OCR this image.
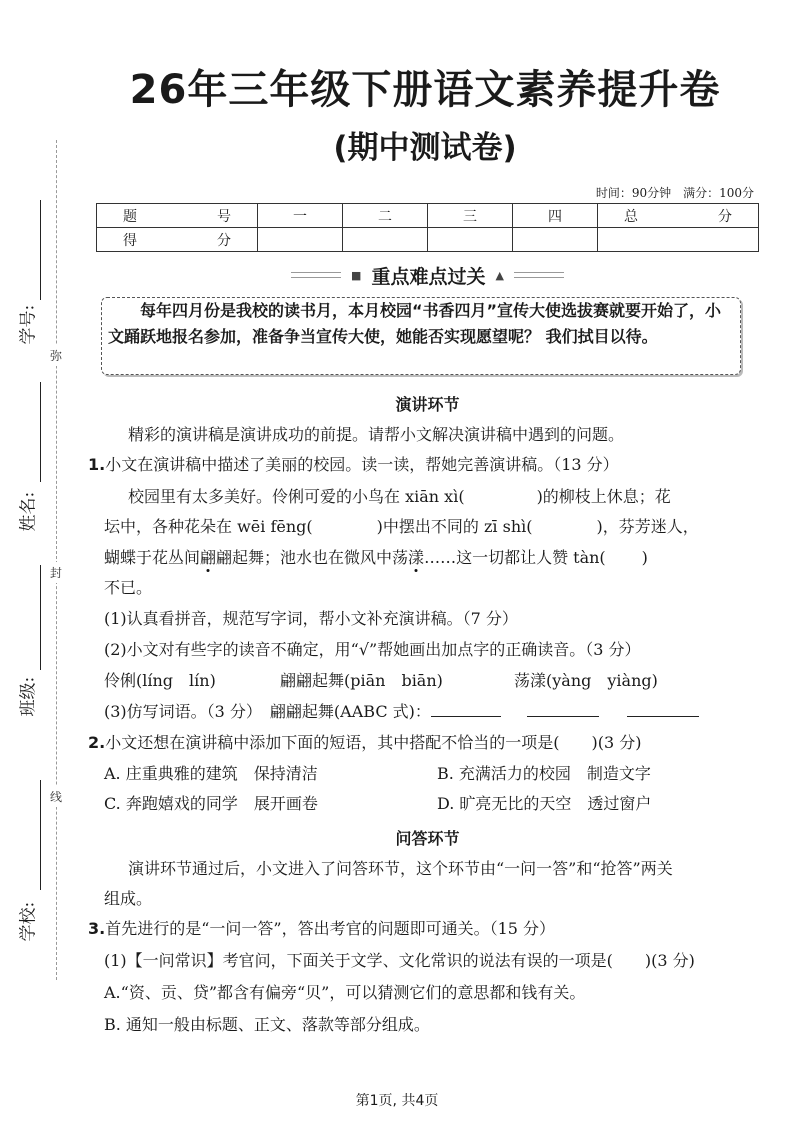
弥
封
线
学号:
姓名:
班级:
学校:
26年三年级下册语文素养提升卷
(期中测试卷)
时间：90分钟　满分：100分
题　　号	一	二	三	四	总　　分
得　　分					
■ 重点难点过关 ▲

每年四月份是我校的读书月，本月校园“书香四月”宣传大使选拔赛就要开始了，小文踊跃地报名参加，准备争当宣传大使，她能否实现愿望呢？ 我们拭目以待。

演讲环节
精彩的演讲稿是演讲成功的前提。请帮小文解决演讲稿中遇到的问题。
1.小文在演讲稿中描述了美丽的校园。读一读，帮她完善演讲稿。（13 分）
校园里有太多美好。伶俐可爱的小鸟在 xiān xì(	)的柳枝上休息；花
坛中，各种花朵在 wēi fēng(	)中摆出不同的 zī shì(	)，芬芳迷人，
蝴蝶于花丛间翩翩起舞；池水也在微风中荡漾……这一切都让人赞 tàn( )
不已。
(1)认真看拼音，规范写字词，帮小文补充演讲稿。（7 分）
(2)小文对有些字的读音不确定，用“√”帮她画出加点字的正确读音。（3 分）
伶俐(líng　lín)	翩翩起舞(piān　biān)	荡漾(yàng　yiàng)
(3)仿写词语。（3 分）　翩翩起舞(AABC 式)：
2.小文还想在演讲稿中添加下面的短语，其中搭配不恰当的一项是(　　)(3 分)
A. 庄重典雅的建筑　保持清洁	B. 充满活力的校园　制造文字
C. 奔跑嬉戏的同学　展开画卷	D. 旷亮无比的天空　透过窗户
问答环节
演讲环节通过后，小文进入了问答环节，这个环节由“一问一答”和“抢答”两关
组成。
3.首先进行的是“一问一答”，答出考官的问题即可通关。（15 分）
(1)【一问常识】考官问，下面关于文学、文化常识的说法有误的一项是(　　)(3 分)
A.“资、贡、贷”都含有偏旁“贝”，可以猜测它们的意思都和钱有关。
B. 通知一般由标题、正文、落款等部分组成。
第1页, 共4页
